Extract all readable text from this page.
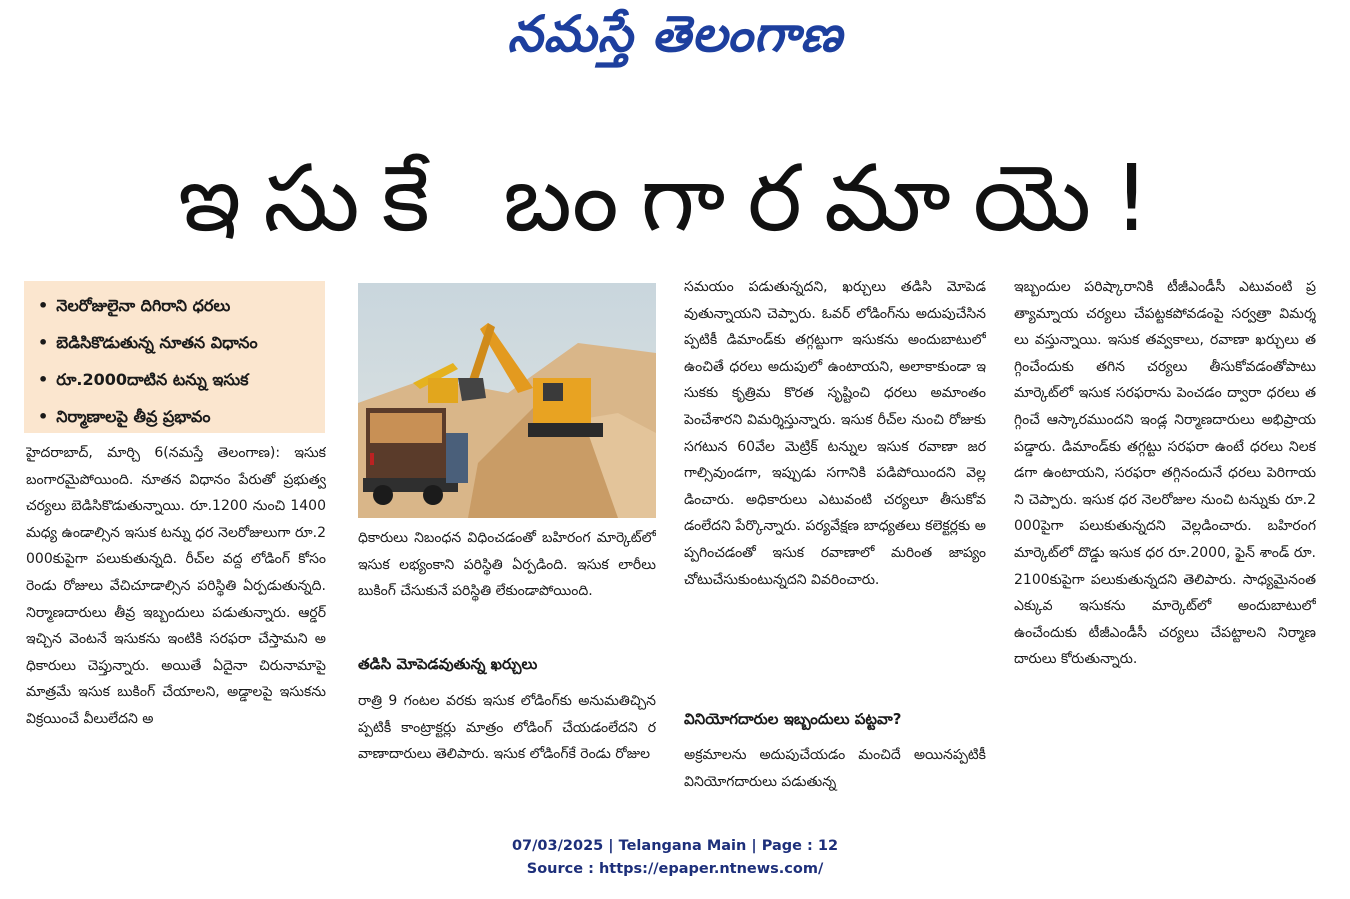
నమస్తే తెలంగాణ
ఇసుకే బంగారమాయె!
• నెలరోజులైనా దిగిరాని ధరలు
• బెడిసికొడుతున్న నూతన విధానం
• రూ.2000దాటిన టన్ను ఇసుక
• నిర్మాణాలపై తీవ్ర ప్రభావం

హైదరాబాద్, మార్చి 6(నమస్తే తెలంగాణ): ఇసుక బంగారమైపోయింది. నూతన విధానం పేరుతో ప్రభుత్వ చర్యలు బెడిసికొడుతున్నాయి. రూ.1200 నుంచి 1400 మధ్య ఉండాల్సిన ఇసుక టన్ను ధర నెలరోజులుగా రూ.2000కుపైగా పలుకుతున్నది. రీచ్‌ల వద్ద లోడింగ్ కోసం రెండు రోజులు వేచిచూడాల్సిన పరిస్థితి ఏర్పడుతున్నది. నిర్మాణదారులు తీవ్ర ఇబ్బందులు పడుతున్నారు. ఆర్డర్ ఇచ్చిన వెంటనే ఇసుకను ఇంటికి సరఫరా చేస్తామని అధికారులు చెప్తున్నారు. అయితే ఏదైనా చిరునామాపై మాత్రమే ఇసుక బుకింగ్ చేయాలని, అడ్డాలపై ఇసుకను విక్రయించే వీలులేదని అ

ధికారులు నిబంధన విధించడంతో బహిరంగ మార్కెట్‌లో ఇసుక లభ్యంకాని పరిస్థితి ఏర్పడింది. ఇసుక లారీలు బుకింగ్ చేసుకునే పరిస్థితి లేకుండాపోయింది.

తడిసి మోపెడవుతున్న ఖర్చులు

రాత్రి 9 గంటల వరకు ఇసుక లోడింగ్‌కు అనుమతిచ్చినప్పటికీ కాంట్రాక్టర్లు మాత్రం లోడింగ్ చేయడంలేదని రవాణాదారులు తెలిపారు. ఇసుక లోడింగ్‌కే రెండు రోజుల

సమయం పడుతున్నదని, ఖర్చులు తడిసి మోపెడవుతున్నాయని చెప్పారు. ఓవర్ లోడింగ్‌ను అదుపుచేసినప్పటికీ డిమాండ్‌కు తగ్గట్టుగా ఇసుకను అందుబాటులో ఉంచితే ధరలు అదుపులో ఉంటాయని, అలాకాకుండా ఇసుకకు కృత్రిమ కొరత సృష్టించి ధరలు అమాంతం పెంచేశారని విమర్శిస్తున్నారు. ఇసుక రీచ్‌ల నుంచి రోజుకు సగటున 60వేల మెట్రిక్ టన్నుల ఇసుక రవాణా జరగాల్సివుండగా, ఇప్పుడు సగానికి పడిపోయిందని వెల్లడించారు. అధికారులు ఎటువంటి చర్యలూ తీసుకోవడంలేదని పేర్కొన్నారు. పర్యవేక్షణ బాధ్యతలు కలెక్టర్లకు అప్పగించడంతో ఇసుక రవాణాలో మరింత జాప్యం చోటుచేసుకుంటున్నదని వివరించారు.

వినియోగదారుల ఇబ్బందులు పట్టవా?

అక్రమాలను అదుపుచేయడం మంచిదే అయినప్పటికీ వినియోగదారులు పడుతున్న

ఇబ్బందుల పరిష్కారానికి టీజీఎండీసీ ఎటువంటి ప్రత్యామ్నాయ చర్యలు చేపట్టకపోవడంపై సర్వత్రా విమర్శలు వస్తున్నాయి. ఇసుక తవ్వకాలు, రవాణా ఖర్చులు తగ్గించేందుకు తగిన చర్యలు తీసుకోవడంతోపాటు మార్కెట్‌లో ఇసుక సరఫరాను పెంచడం ద్వారా ధరలు తగ్గించే ఆస్కారముందని ఇండ్ల నిర్మాణదారులు అభిప్రాయపడ్డారు. డిమాండ్‌కు తగ్గట్టు సరఫరా ఉంటే ధరలు నిలకడగా ఉంటాయని, సరఫరా తగ్గినందునే ధరలు పెరిగాయని చెప్పారు. ఇసుక ధర నెలరోజుల నుంచి టన్నుకు రూ.2000పైగా పలుకుతున్నదని వెల్లడించారు. బహిరంగ మార్కెట్‌లో దొడ్డు ఇసుక ధర రూ.2000, ఫైన్ శాండ్ రూ.2100కుపైగా పలుకుతున్నదని తెలిపారు. సాధ్యమైనంత ఎక్కువ ఇసుకను మార్కెట్‌లో అందుబాటులో ఉంచేందుకు టీజీఎండీసీ చర్యలు చేపట్టాలని నిర్మాణదారులు కోరుతున్నారు.

07/03/2025 | Telangana Main | Page : 12
Source : https://epaper.ntnews.com/
